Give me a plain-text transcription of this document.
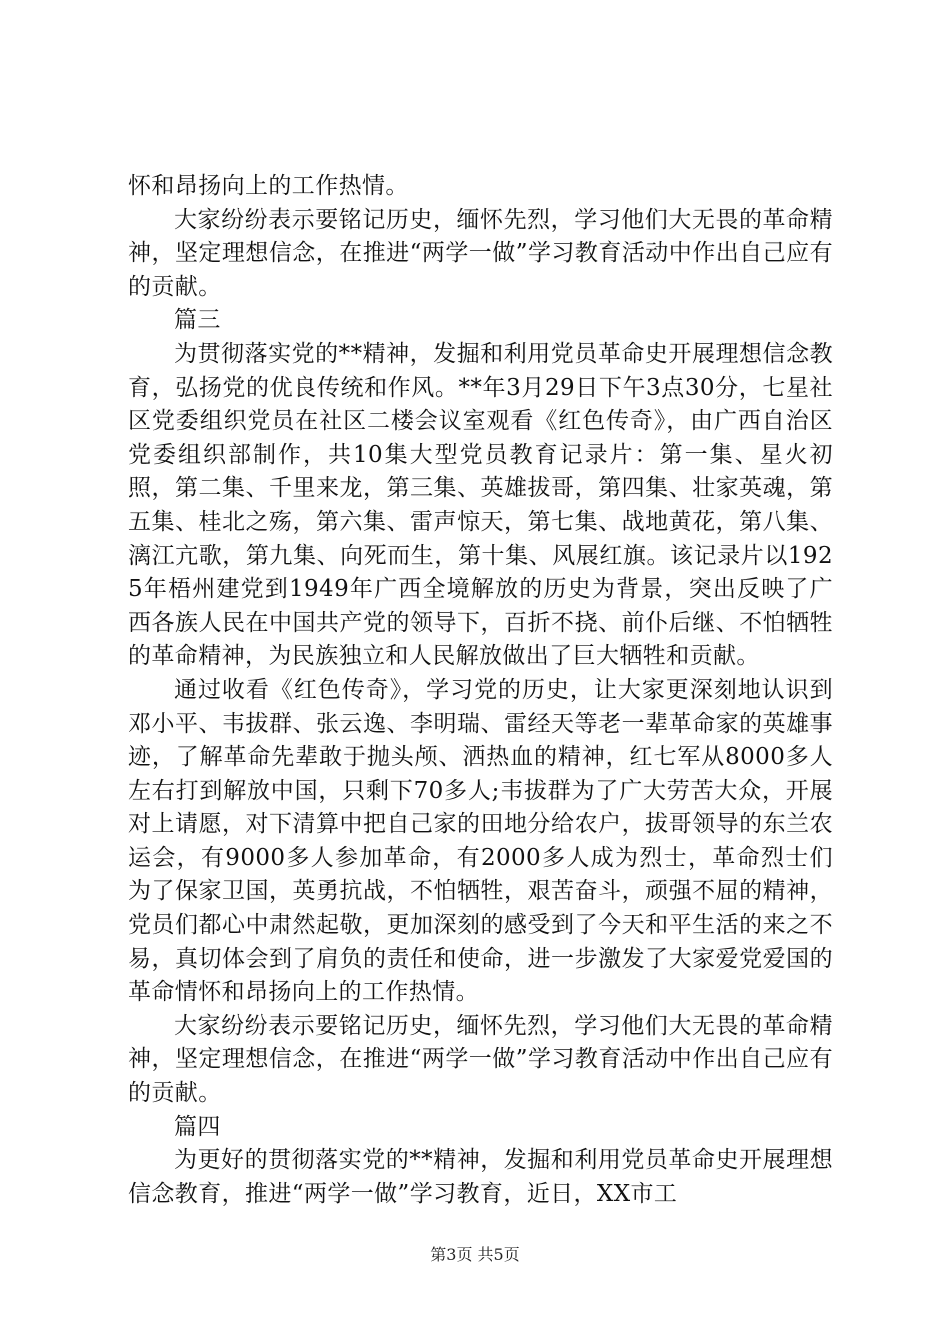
怀和昂扬向上的工作热情。

大家纷纷表示要铭记历史，缅怀先烈，学习他们大无畏的革命精神，坚定理想信念，在推进“两学一做”学习教育活动中作出自己应有的贡献。

篇三

为贯彻落实党的**精神，发掘和利用党员革命史开展理想信念教育，弘扬党的优良传统和作风。**年3月29日下午3点30分，七星社区党委组织党员在社区二楼会议室观看《红色传奇》，由广西自治区党委组织部制作，共10集大型党员教育记录片：第一集、星火初照，第二集、千里来龙，第三集、英雄拔哥，第四集、壮家英魂，第五集、桂北之殇，第六集、雷声惊天，第七集、战地黄花，第八集、漓江亢歌，第九集、向死而生，第十集、风展红旗。该记录片以1925年梧州建党到1949年广西全境解放的历史为背景，突出反映了广西各族人民在中国共产党的领导下，百折不挠、前仆后继、不怕牺牲的革命精神，为民族独立和人民解放做出了巨大牺牲和贡献。

通过收看《红色传奇》，学习党的历史，让大家更深刻地认识到邓小平、韦拔群、张云逸、李明瑞、雷经天等老一辈革命家的英雄事迹，了解革命先辈敢于抛头颅、洒热血的精神，红七军从8000多人左右打到解放中国，只剩下70多人;韦拔群为了广大劳苦大众，开展对上请愿，对下清算中把自己家的田地分给农户，拔哥领导的东兰农运会，有9000多人参加革命，有2000多人成为烈士，革命烈士们为了保家卫国，英勇抗战，不怕牺牲，艰苦奋斗，顽强不屈的精神，党员们都心中肃然起敬，更加深刻的感受到了今天和平生活的来之不易，真切体会到了肩负的责任和使命，进一步激发了大家爱党爱国的革命情怀和昂扬向上的工作热情。

大家纷纷表示要铭记历史，缅怀先烈，学习他们大无畏的革命精神，坚定理想信念，在推进“两学一做”学习教育活动中作出自己应有的贡献。

篇四

为更好的贯彻落实党的**精神，发掘和利用党员革命史开展理想信念教育，推进“两学一做”学习教育，近日，XX市工

第3页 共5页
